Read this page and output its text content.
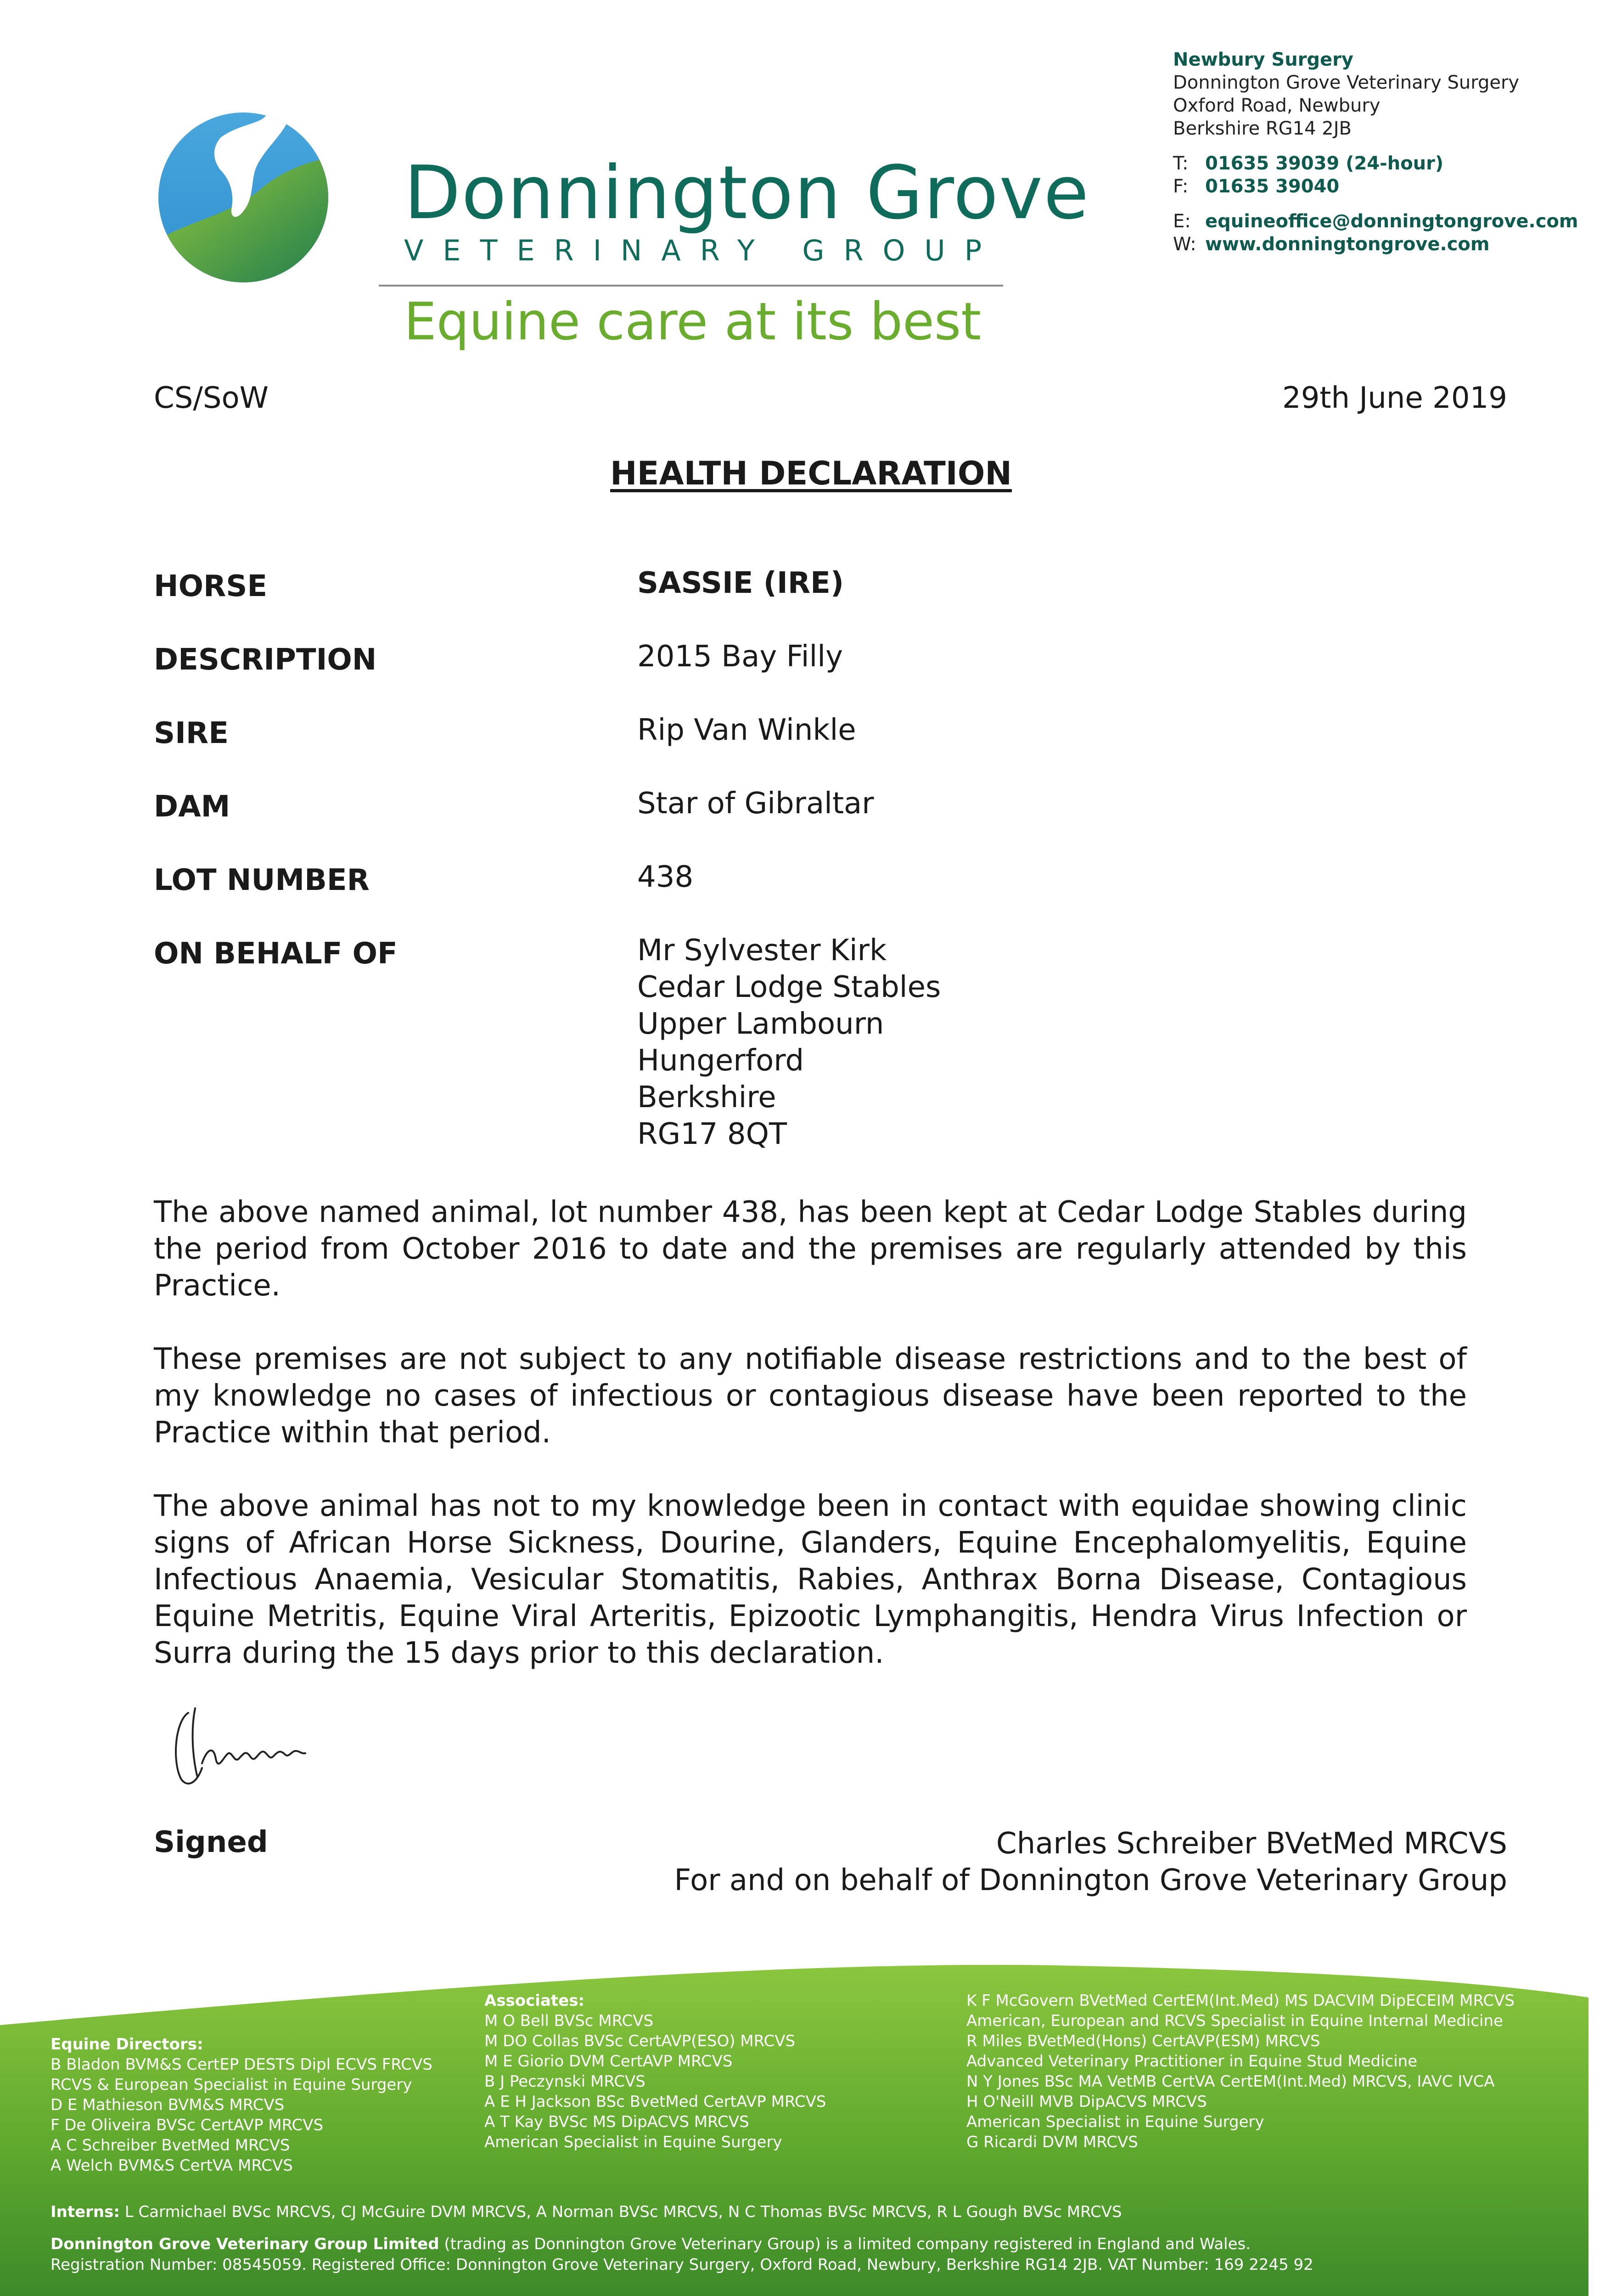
Donnington Grove
VETERINARY GROUP
Equine care at its best
Newbury Surgery
Donnington Grove Veterinary Surgery
Oxford Road, Newbury
Berkshire RG14 2JB
T: 01635 39039 (24-hour)
F: 01635 39040
E: equineoffice@donningtongrove.com
W: www.donningtongrove.com
CS/SoW	29th June 2019
HEALTH DECLARATION
HORSE	SASSIE (IRE)
DESCRIPTION	2015 Bay Filly
SIRE	Rip Van Winkle
DAM	Star of Gibraltar
LOT NUMBER	438
ON BEHALF OF	Mr Sylvester Kirk
Cedar Lodge Stables
Upper Lambourn
Hungerford
Berkshire
RG17 8QT
The above named animal, lot number 438, has been kept at Cedar Lodge Stables during the period from October 2016 to date and the premises are regularly attended by this Practice.
These premises are not subject to any notifiable disease restrictions and to the best of my knowledge no cases of infectious or contagious disease have been reported to the Practice within that period.
The above animal has not to my knowledge been in contact with equidae showing clinic signs of African Horse Sickness, Dourine, Glanders, Equine Encephalomyelitis, Equine Infectious Anaemia, Vesicular Stomatitis, Rabies, Anthrax Borna Disease, Contagious Equine Metritis, Equine Viral Arteritis, Epizootic Lymphangitis, Hendra Virus Infection or Surra during the 15 days prior to this declaration.
Signed	Charles Schreiber BVetMed MRCVS
For and on behalf of Donnington Grove Veterinary Group
Equine Directors:
B Bladon BVM&S CertEP DESTS Dipl ECVS FRCVS
RCVS & European Specialist in Equine Surgery
D E Mathieson BVM&S MRCVS
F De Oliveira BVSc CertAVP MRCVS
A C Schreiber BvetMed MRCVS
A Welch BVM&S CertVA MRCVS
Associates:
M O Bell BVSc MRCVS
M DO Collas BVSc CertAVP(ESO) MRCVS
M E Giorio DVM CertAVP MRCVS
B J Peczynski MRCVS
A E H Jackson BSc BvetMed CertAVP MRCVS
A T Kay BVSc MS DipACVS MRCVS
American Specialist in Equine Surgery
K F McGovern BVetMed CertEM(Int.Med) MS DACVIM DipECEIM MRCVS
American, European and RCVS Specialist in Equine Internal Medicine
R Miles BVetMed(Hons) CertAVP(ESM) MRCVS
Advanced Veterinary Practitioner in Equine Stud Medicine
N Y Jones BSc MA VetMB CertVA CertEM(Int.Med) MRCVS, IAVC IVCA
H O'Neill MVB DipACVS MRCVS
American Specialist in Equine Surgery
G Ricardi DVM MRCVS
Interns: L Carmichael BVSc MRCVS, CJ McGuire DVM MRCVS, A Norman BVSc MRCVS, N C Thomas BVSc MRCVS, R L Gough BVSc MRCVS
Donnington Grove Veterinary Group Limited (trading as Donnington Grove Veterinary Group) is a limited company registered in England and Wales.
Registration Number: 08545059. Registered Office: Donnington Grove Veterinary Surgery, Oxford Road, Newbury, Berkshire RG14 2JB. VAT Number: 169 2245 92
